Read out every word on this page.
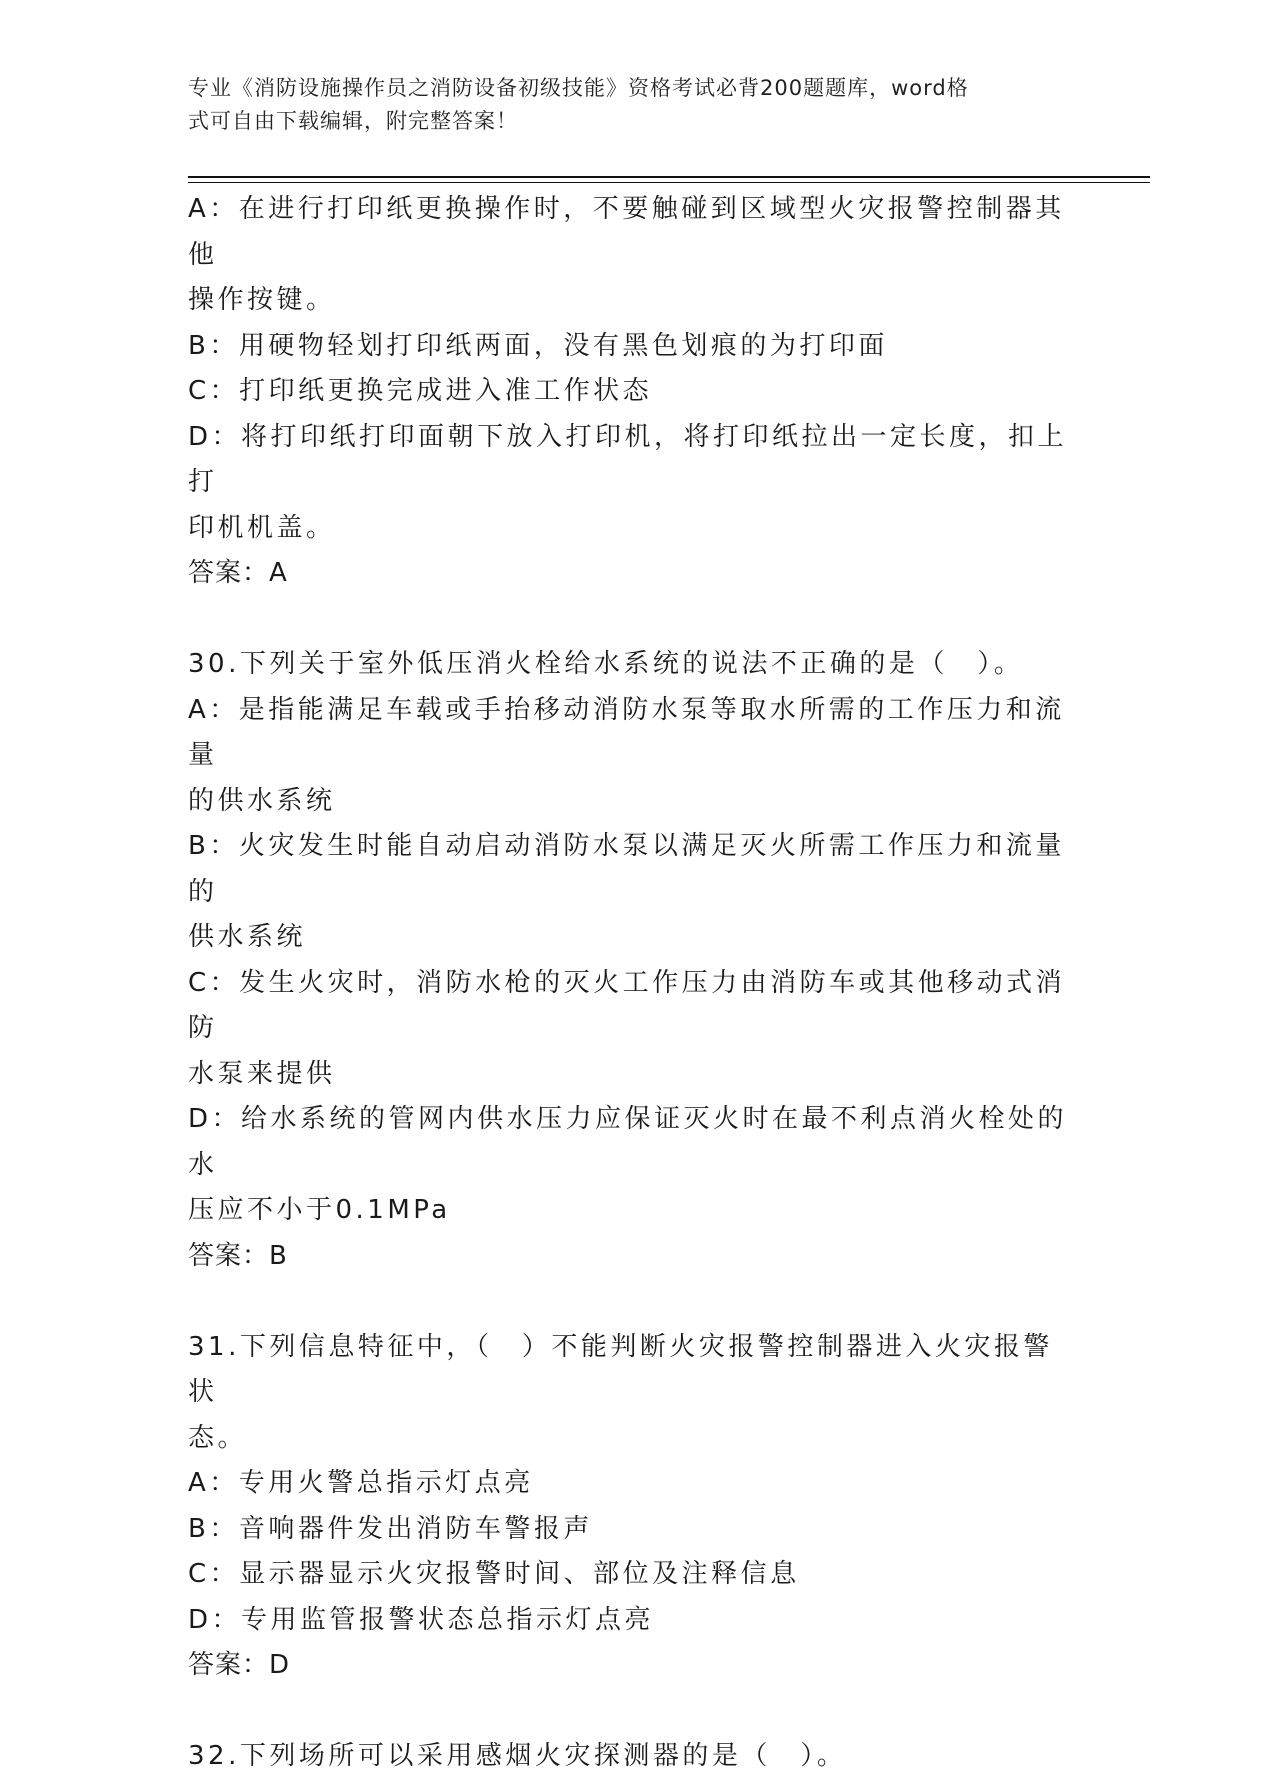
专业《消防设施操作员之消防设备初级技能》资格考试必背200题题库，word格
式可自由下载编辑，附完整答案！
A：在进行打印纸更换操作时，不要触碰到区域型火灾报警控制器其他
操作按键。
B：用硬物轻划打印纸两面，没有黑色划痕的为打印面
C：打印纸更换完成进入准工作状态
D：将打印纸打印面朝下放入打印机，将打印纸拉出一定长度，扣上打
印机机盖。
答案：A
30.下列关于室外低压消火栓给水系统的说法不正确的是（　）。
A：是指能满足车载或手抬移动消防水泵等取水所需的工作压力和流量
的供水系统
B：火灾发生时能自动启动消防水泵以满足灭火所需工作压力和流量的
供水系统
C：发生火灾时，消防水枪的灭火工作压力由消防车或其他移动式消防
水泵来提供
D：给水系统的管网内供水压力应保证灭火时在最不利点消火栓处的水
压应不小于0.1MPa
答案：B
31.下列信息特征中，（　）不能判断火灾报警控制器进入火灾报警状
态。
A：专用火警总指示灯点亮
B：音响器件发出消防车警报声
C：显示器显示火灾报警时间、部位及注释信息
D：专用监管报警状态总指示灯点亮
答案：D
32.下列场所可以采用感烟火灾探测器的是（　）。
